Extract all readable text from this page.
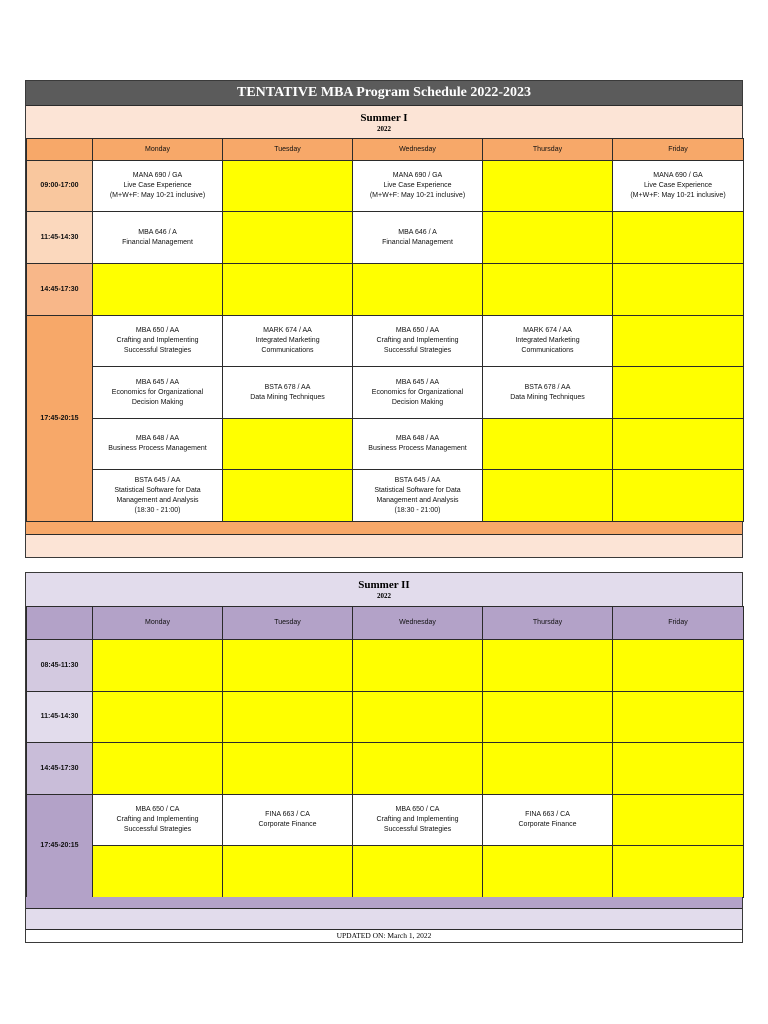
TENTATIVE MBA Program Schedule 2022-2023
Summer I
2022
	Monday	Tuesday	Wednesday	Thursday	Friday
09:00-17:00	MANA 690 / GA
Live Case Experience
(M+W+F: May 10-21 inclusive)		MANA 690 / GA
Live Case Experience
(M+W+F: May 10-21 inclusive)		MANA 690 / GA
Live Case Experience
(M+W+F: May 10-21 inclusive)

11:45-14:30	MBA 646 / A
Financial Management		MBA 646 / A
Financial Management		

14:45-17:30					
17:45-20:15	MBA 650 / AA
Crafting and Implementing
Successful Strategies	MARK 674 / AA
Integrated Marketing
Communications	MBA 650 / AA
Crafting and Implementing
Successful Strategies	MARK 674 / AA
Integrated Marketing
Communications	

	MBA 645 / AA
Economics for Organizational
Decision Making	BSTA 678 / AA
Data Mining Techniques	MBA 645 / AA
Economics for Organizational
Decision Making	BSTA 678 / AA
Data Mining Techniques	

	MBA 648 / AA
Business Process Management		MBA 648 / AA
Business Process Management		

	BSTA 645 / AA
Statistical Software for Data
Management and Analysis
(18:30 - 21:00)		BSTA 645 / AA
Statistical Software for Data
Management and Analysis
(18:30 - 21:00)		

Summer II
2022
	Monday	Tuesday	Wednesday	Thursday	Friday
08:45-11:30					
11:45-14:30					
14:45-17:30					
17:45-20:15	MBA 650 / CA
Crafting and Implementing
Successful Strategies	FINA 663 / CA
Corporate Finance	MBA 650 / CA
Crafting and Implementing
Successful Strategies	FINA 663 / CA
Corporate Finance	

UPDATED ON: March 1, 2022
